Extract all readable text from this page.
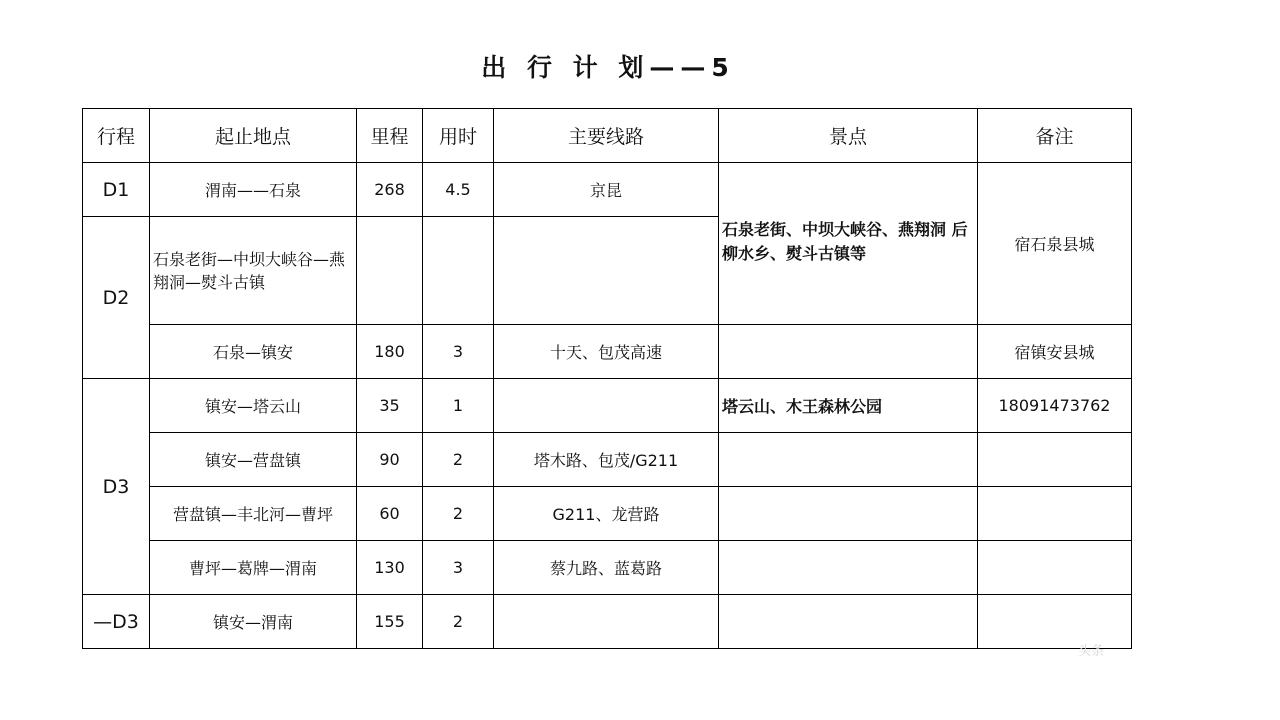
出 行 计 划——5
行程	起止地点	里程	用时	主要线路	景点	备注
D1	渭南——石泉	268	4.5	京昆	石泉老街、中坝大峡谷、燕翔洞 后柳水乡、熨斗古镇等	宿石泉县城
D2	石泉老街—中坝大峡谷—燕翔洞—熨斗古镇					
	石泉—镇安	180	3	十天、包茂高速		宿镇安县城
D3	镇安—塔云山	35	1		塔云山、木王森林公园	18091473762
	镇安—营盘镇	90	2	塔木路、包茂/G211		
	营盘镇—丰北河—曹坪	60	2	G211、龙营路		
	曹坪—葛牌—渭南	130	3	蔡九路、蓝葛路		
—D3	镇安—渭南	155	2			
头条
